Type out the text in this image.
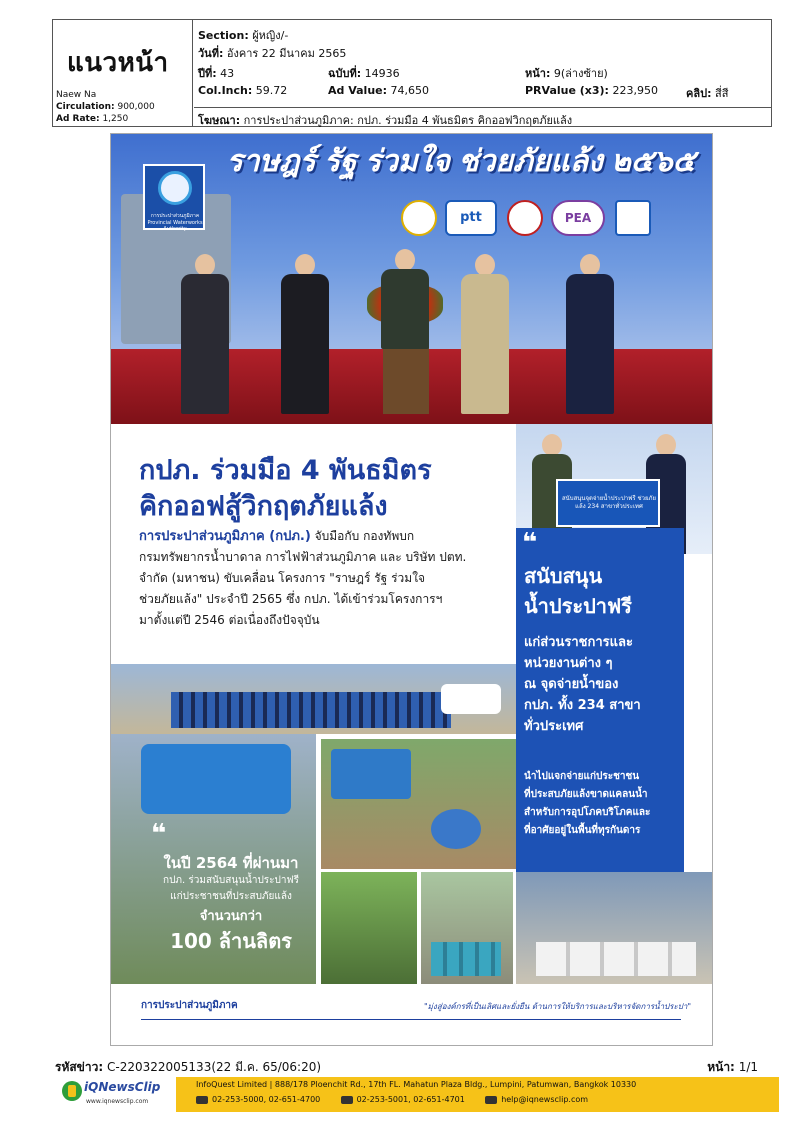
แนวหน้า
Naew Na
Circulation: 900,000
Ad Rate: 1,250
Section: ผู้หญิง/-
วันที่: อังคาร 22 มีนาคม 2565
ปีที่: 43	ฉบับที่: 14936	หน้า: 9(ล่างซ้าย)
Col.Inch: 59.72	Ad Value: 74,650	PRValue (x3): 223,950	คลิป: สี่สี
โฆษณา: การประปาส่วนภูมิภาค: กปภ. ร่วมมือ 4 พันธมิตร คิกออฟวิกฤตภัยแล้ง
ราษฎร์ รัฐ ร่วมใจ ช่วยภัยแล้ง ๒๕๖๕
การประปาส่วนภูมิภาค Provincial Waterworks Authority
ptt	PEA
กปภ. ร่วมมือ 4 พันธมิตร
คิกออฟสู้วิกฤตภัยแล้ง
การประปาส่วนภูมิภาค (กปภ.) จับมือกับ กองทัพบก
กรมทรัพยากรน้ำบาดาล การไฟฟ้าส่วนภูมิภาค และ บริษัท ปตท.
จำกัด (มหาชน) ขับเคลื่อน โครงการ "ราษฎร์ รัฐ ร่วมใจ
ช่วยภัยแล้ง" ประจำปี 2565 ซึ่ง กปภ. ได้เข้าร่วมโครงการฯ
มาตั้งแต่ปี 2546 ต่อเนื่องถึงปัจจุบัน
สนับสนุนจุดจ่ายน้ำประปาฟรี ช่วยภัยแล้ง 234 สาขาทั่วประเทศ
❝
สนับสนุน
น้ำประปาฟรี
แก่ส่วนราชการและ
หน่วยงานต่าง ๆ
ณ จุดจ่ายน้ำของ
กปภ. ทั้ง 234 สาขา
ทั่วประเทศ
นำไปแจกจ่ายแก่ประชาชน
ที่ประสบภัยแล้งขาดแคลนน้ำ
สำหรับการอุปโภคบริโภคและ
ที่อาศัยอยู่ในพื้นที่ทุรกันดาร
❝
ในปี 2564 ที่ผ่านมา
กปภ. ร่วมสนับสนุนน้ำประปาฟรี
แก่ประชาชนที่ประสบภัยแล้ง
จำนวนกว่า
100 ล้านลิตร
การประปาส่วนภูมิภาค	"มุ่งสู่องค์กรที่เป็นเลิศและยั่งยืน ด้านการให้บริการและบริหารจัดการน้ำประปา"
รหัสข่าว: C-220322005133(22 มี.ค. 65/06:20)	หน้า: 1/1
iQNewsClip
www.iqnewsclip.com
InfoQuest Limited | 888/178 Ploenchit Rd., 17th FL. Mahatun Plaza Bldg., Lumpini, Patumwan, Bangkok 10330
02-253-5000, 02-651-4700	02-253-5001, 02-651-4701	help@iqnewsclip.com
